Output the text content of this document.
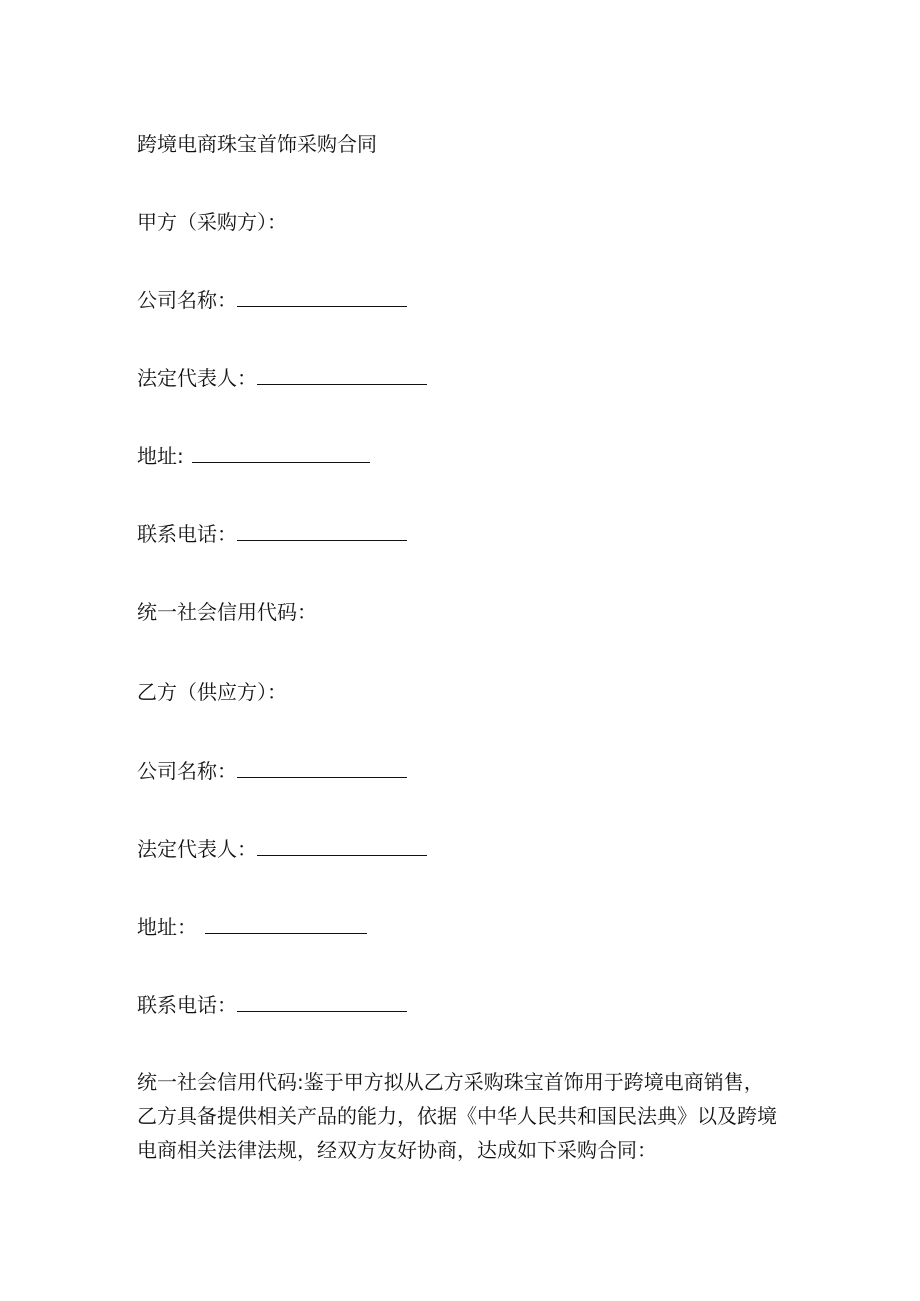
跨境电商珠宝首饰采购合同
甲方（采购方）：
公司名称：
法定代表人：
地址:
联系电话：
统一社会信用代码：
乙方（供应方）：
公司名称：
法定代表人：
地址：
联系电话：
统一社会信用代码:鉴于甲方拟从乙方采购珠宝首饰用于跨境电商销售，
乙方具备提供相关产品的能力，依据《中华人民共和国民法典》以及跨境
电商相关法律法规，经双方友好协商，达成如下采购合同：
